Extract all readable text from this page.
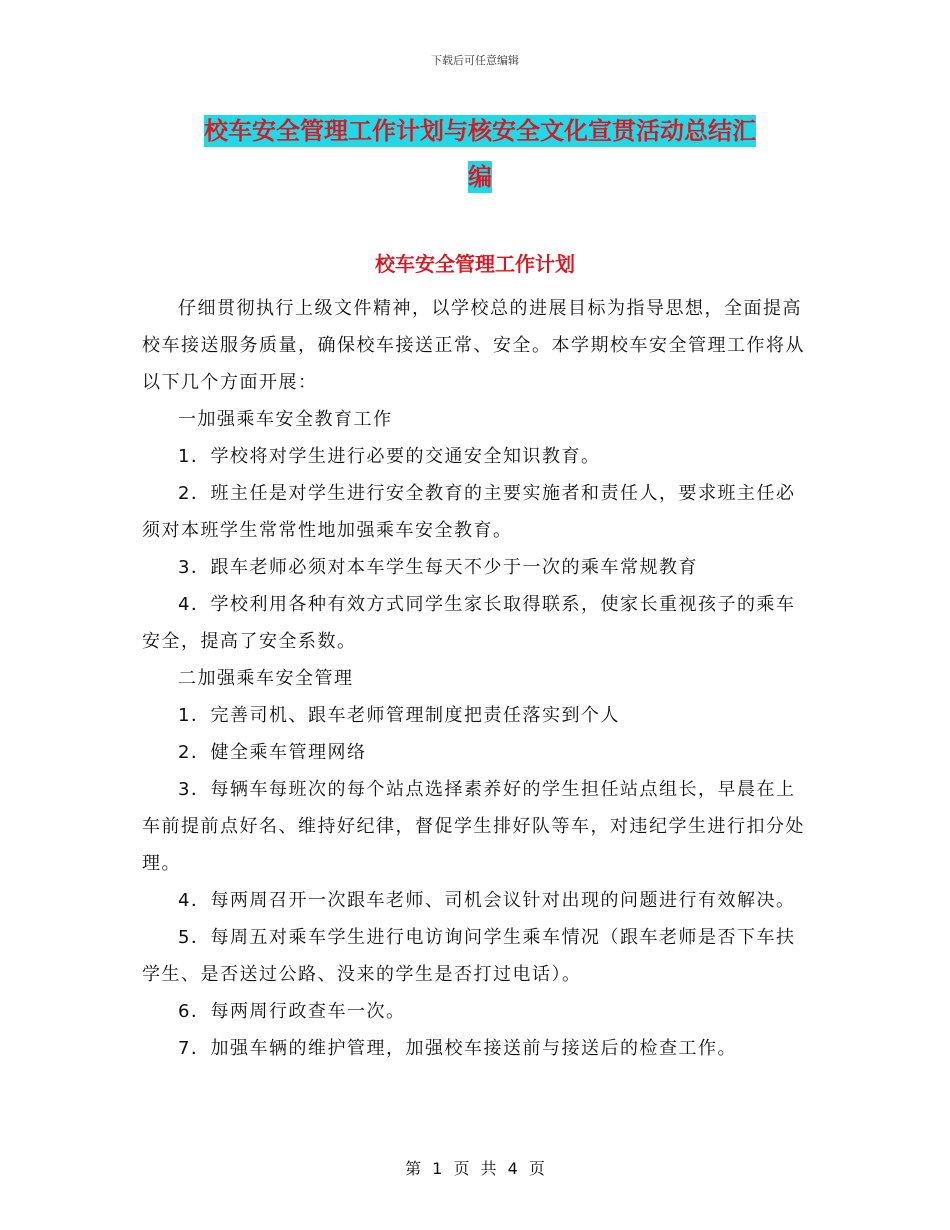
下载后可任意编辑
校车安全管理工作计划与核安全文化宣贯活动总结汇
编
校车安全管理工作计划

仔细贯彻执行上级文件精神，以学校总的进展目标为指导思想，全面提高校车接送服务质量，确保校车接送正常、安全。本学期校车安全管理工作将从以下几个方面开展：

一加强乘车安全教育工作

1．学校将对学生进行必要的交通安全知识教育。

2．班主任是对学生进行安全教育的主要实施者和责任人，要求班主任必须对本班学生常常性地加强乘车安全教育。

3．跟车老师必须对本车学生每天不少于一次的乘车常规教育

4．学校利用各种有效方式同学生家长取得联系，使家长重视孩子的乘车安全，提高了安全系数。

二加强乘车安全管理

1．完善司机、跟车老师管理制度把责任落实到个人

2．健全乘车管理网络

3．每辆车每班次的每个站点选择素养好的学生担任站点组长，早晨在上车前提前点好名、维持好纪律，督促学生排好队等车，对违纪学生进行扣分处理。

4．每两周召开一次跟车老师、司机会议针对出现的问题进行有效解决。

5．每周五对乘车学生进行电访询问学生乘车情况（跟车老师是否下车扶学生、是否送过公路、没来的学生是否打过电话）。

6．每两周行政查车一次。

7．加强车辆的维护管理，加强校车接送前与接送后的检查工作。

第 1 页 共 4 页
